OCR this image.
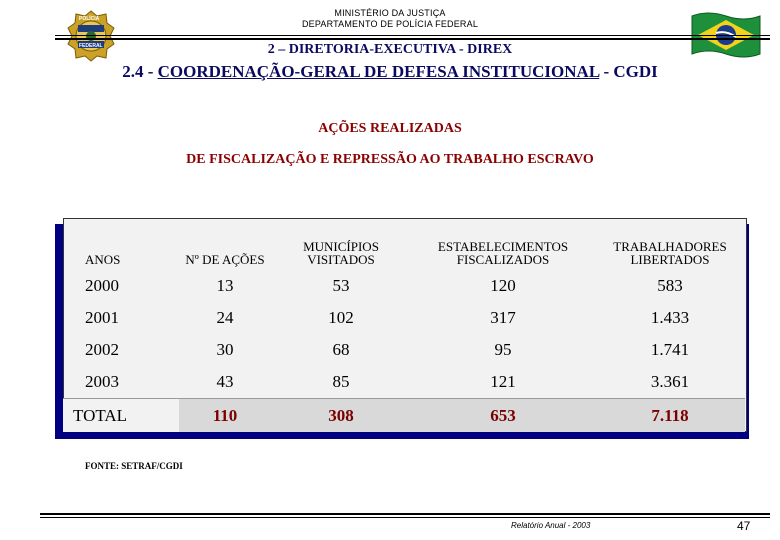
POLÍCIA
FEDERAL
MINISTÉRIO DA JUSTIÇA
DEPARTAMENTO DE POLÍCIA FEDERAL
2 – DIRETORIA-EXECUTIVA - DIREX
2.4 - COORDENAÇÃO-GERAL DE DEFESA INSTITUCIONAL - CGDI
AÇÕES REALIZADAS
DE FISCALIZAÇÃO E REPRESSÃO AO TRABALHO ESCRAVO
ANOS	Nº DE AÇÕES	MUNICÍPIOS VISITADOS	ESTABELECIMENTOS FISCALIZADOS	TRABALHADORES LIBERTADOS
2000	13	53	120	583
2001	24	102	317	1.433
2002	30	68	95	1.741
2003	43	85	121	3.361
TOTAL	110	308	653	7.118
FONTE: SETRAF/CGDI
Relatório Anual - 2003	47
